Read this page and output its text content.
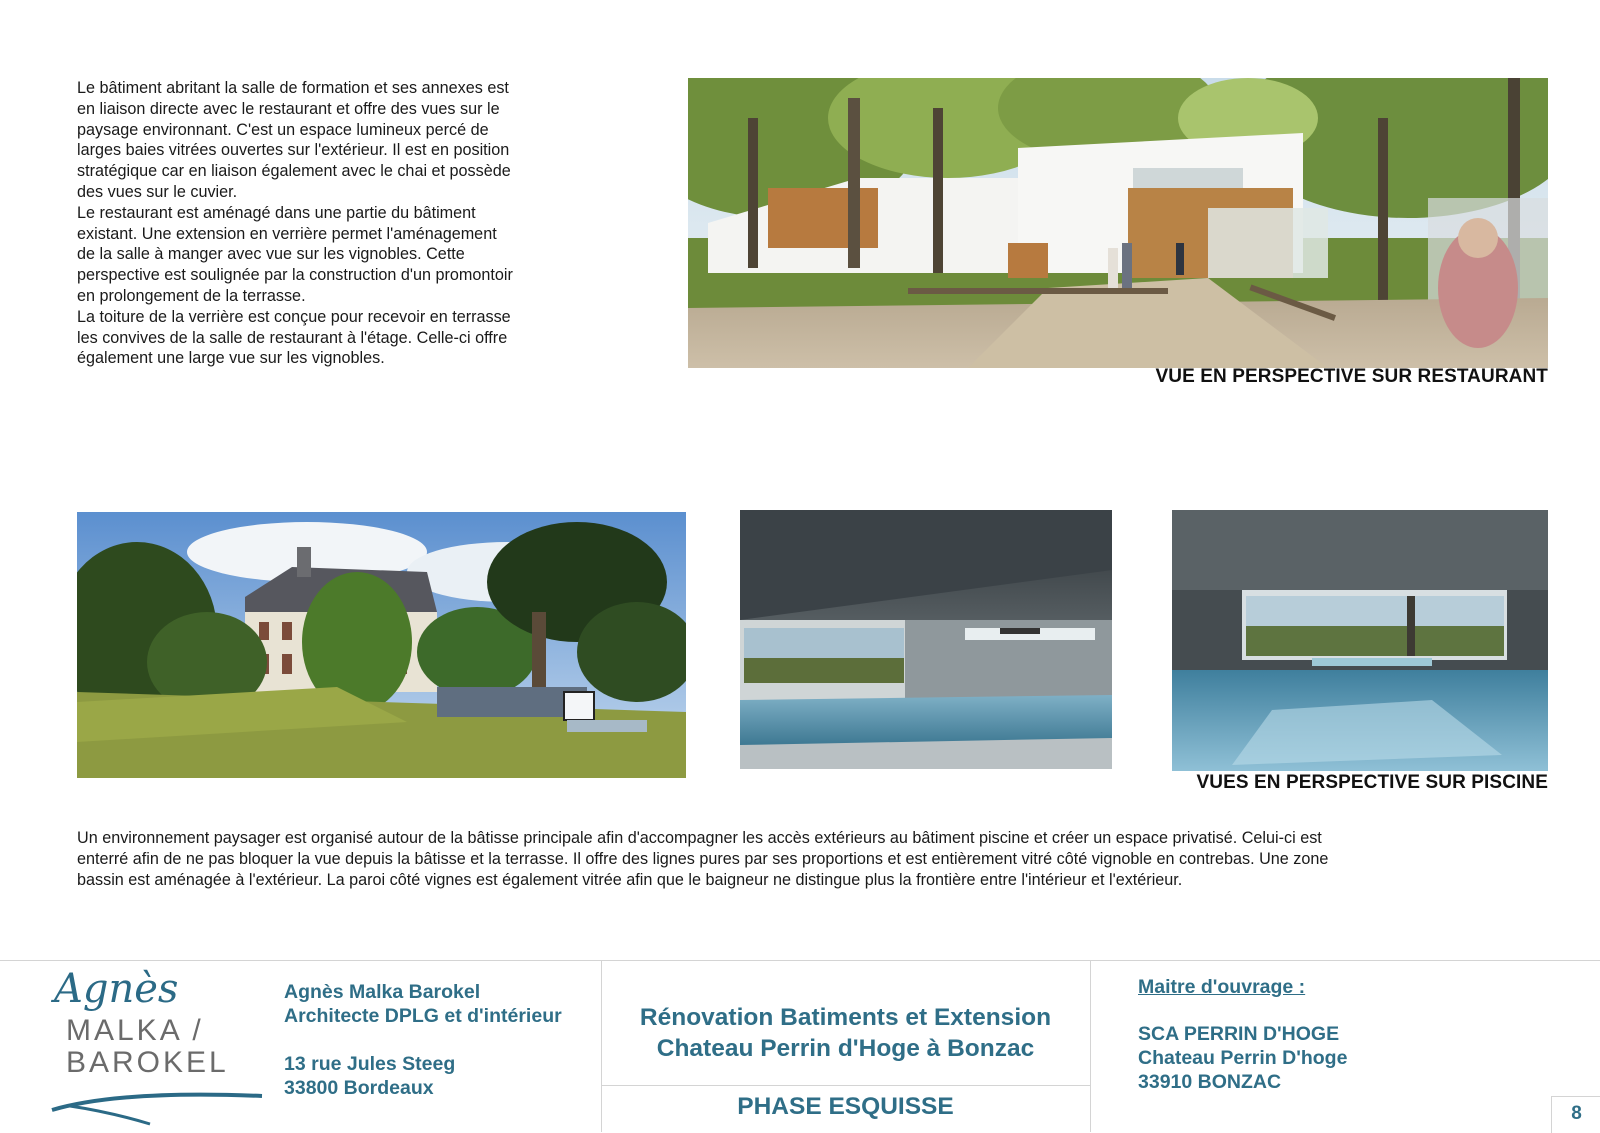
Le bâtiment abritant la salle de formation et ses annexes est
en liaison directe avec le restaurant et offre des vues sur le
paysage environnant. C'est un espace lumineux percé de
larges baies vitrées ouvertes sur l'extérieur. Il est en position
stratégique car en liaison également avec le chai et possède
des vues sur le cuvier.
Le restaurant est aménagé dans une partie du bâtiment
existant. Une extension en verrière permet l'aménagement
de la salle à manger avec vue sur les vignobles. Cette
perspective est soulignée par la construction d'un promontoir
en prolongement de la terrasse.
La toiture de la verrière est conçue pour recevoir en terrasse
les convives de la salle de restaurant à l'étage. Celle-ci offre
également une large vue sur les vignobles.

VUE EN PERSPECTIVE SUR RESTAURANT
VUES EN PERSPECTIVE SUR PISCINE

Un environnement paysager est organisé autour de la bâtisse principale afin d'accompagner les accès extérieurs au bâtiment piscine et créer un espace privatisé. Celui-ci est
enterré afin de ne pas bloquer la vue depuis la bâtisse et la terrasse. Il offre des lignes pures par ses proportions et est entièrement vitré côté vignoble en contrebas. Une zone
bassin est aménagée à l'extérieur. La paroi côté vignes est également vitrée afin que le baigneur ne distingue plus la frontière entre l'intérieur et l'extérieur.

Agnès
MALKA /
BAROKEL
Agnès Malka Barokel
Architecte DPLG et d'intérieur
13 rue Jules Steeg
33800 Bordeaux
Rénovation Batiments et Extension
Chateau Perrin d'Hoge à Bonzac
PHASE ESQUISSE
Maitre d'ouvrage :
SCA PERRIN D'HOGE
Chateau Perrin D'hoge
33910 BONZAC
8
